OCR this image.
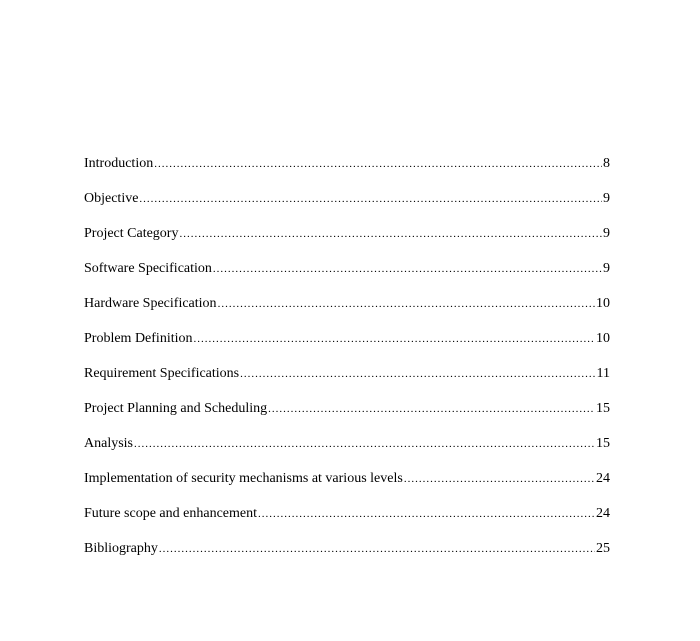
Introduction .....	8
Objective .....	9
Project Category .....	9
Software Specification .....	9
Hardware Specification .....	10
Problem Definition .....	10
Requirement Specifications .....	11
Project Planning and Scheduling .....	15
Analysis .....	15
Implementation of security mechanisms at various levels .....	24
Future scope and enhancement .....	24
Bibliography .....	25
